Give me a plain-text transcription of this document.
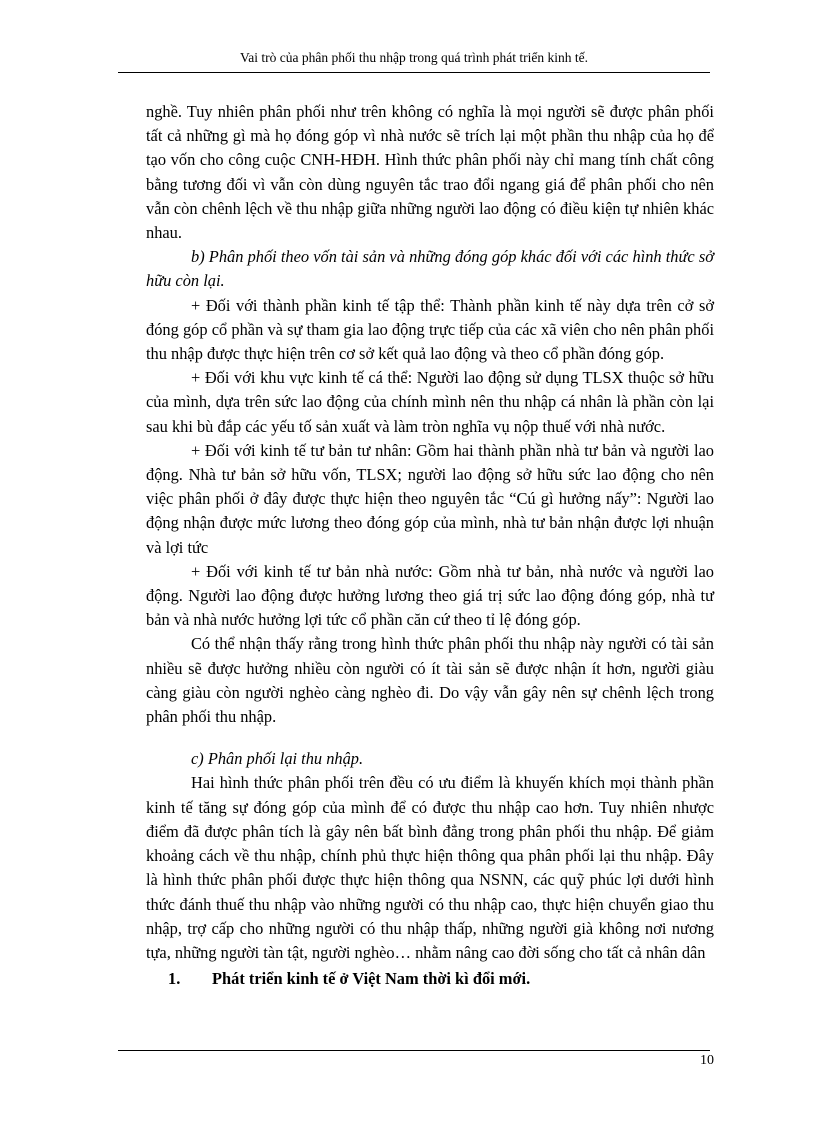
Vai trò của phân phối thu nhập trong quá trình phát triển kinh tế.

nghề. Tuy nhiên phân phối như trên không có nghĩa là mọi người sẽ được phân phối tất cả những gì mà họ đóng góp vì nhà nước sẽ trích lại một phần thu nhập của họ để tạo vốn cho công cuộc CNH-HĐH. Hình thức phân phối này chỉ mang tính chất công bằng tương đối vì vẫn còn dùng nguyên tắc trao đổi ngang giá để phân phối cho nên vẫn còn chênh lệch về thu nhập giữa những người lao động có điều kiện tự nhiên khác nhau.

b) Phân phối theo vốn tài sản và những đóng góp khác đối với các hình thức sở hữu còn lại.

+ Đối với thành phần kinh tế tập thể: Thành phần kinh tế này dựa trên cở sở đóng góp cổ phần và sự tham gia lao động trực tiếp của các xã viên cho nên phân phối thu nhập được thực hiện trên cơ sở kết quả lao động và theo cổ phần đóng góp.

+ Đối với khu vực kinh tế cá thể: Người lao động sử dụng TLSX thuộc sở hữu của mình, dựa trên sức lao động của chính mình nên thu nhập cá nhân là phần còn lại sau khi bù đắp các yếu tố sản xuất và làm tròn nghĩa vụ nộp thuế với nhà nước.

+ Đối với kinh tế tư bản tư nhân: Gồm hai thành phần nhà tư bản và người lao động. Nhà tư bản sở hữu vốn, TLSX; người lao động sở hữu sức lao động cho nên việc phân phối ở đây được thực hiện theo nguyên tắc “Cú gì hưởng nấy”: Người lao động nhận được mức lương theo đóng góp của mình, nhà tư bản nhận được lợi nhuận và lợi tức

+ Đối với kinh tế tư bản nhà nước: Gồm nhà tư bản, nhà nước và người lao động. Người lao động được hưởng lương theo giá trị sức lao động đóng góp, nhà tư bản và nhà nước hưởng lợi tức cổ phần căn cứ theo tỉ lệ đóng góp.

Có thể nhận thấy rằng trong hình thức phân phối thu nhập này người có tài sản nhiều sẽ được hưởng nhiều còn người có ít tài sản sẽ được nhận ít hơn, người giàu càng giàu còn người nghèo càng nghèo đi. Do vậy vẫn gây nên sự chênh lệch trong phân phối thu nhập.

c) Phân phối lại thu nhập.

Hai hình thức phân phối trên đều có ưu điểm là khuyến khích mọi thành phần kinh tế tăng sự đóng góp của mình để có được thu nhập cao hơn. Tuy nhiên nhược điểm đã được phân tích là gây nên bất bình đẳng trong phân phối thu nhập. Để giảm khoảng cách về thu nhập, chính phủ thực hiện thông qua phân phối lại thu nhập. Đây là hình thức phân phối được thực hiện thông qua NSNN, các quỹ phúc lợi dưới hình thức đánh thuế thu nhập vào những người có thu nhập cao, thực hiện chuyển giao thu nhập, trợ cấp cho những người có thu nhập thấp, những người già không nơi nương tựa, những người tàn tật, người nghèo… nhằm nâng cao đời sống cho tất cả nhân dân

1. Phát triển kinh tế ở Việt Nam thời kì đổi mới.

10
